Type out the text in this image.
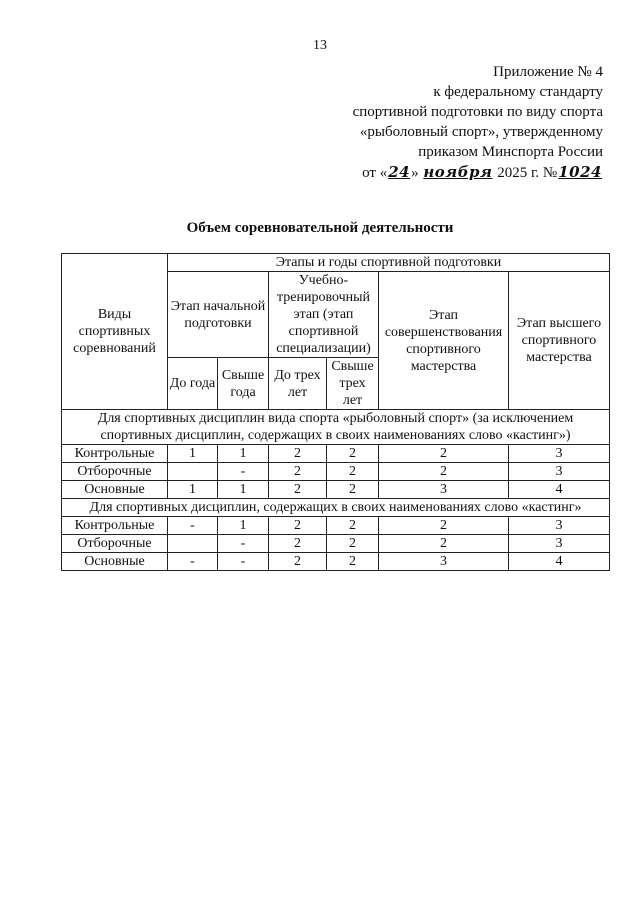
13
Приложение № 4
к федеральному стандарту
спортивной подготовки по виду спорта
«рыболовный спорт», утвержденному
приказом Минспорта России
от «24» ноября 2025 г. №1024
Объем соревновательной деятельности
Виды спортивных соревнований	Этапы и годы спортивной подготовки					
	Этап начальной подготовки		Учебно-тренировочный этап (этап спортивной специализации)		Этап совершенствования спортивного мастерства	Этап высшего спортивного мастерства
	До года	Свыше года	До трех лет	Свыше трех лет		
Для спортивных дисциплин вида спорта «рыболовный спорт» (за исключением спортивных дисциплин, содержащих в своих наименованиях слово «кастинг»)						
Контрольные	1	1	2	2	2	3
Отборочные		-	2	2	2	3
Основные	1	1	2	2	3	4
Для спортивных дисциплин, содержащих в своих наименованиях слово «кастинг»						
Контрольные	-	1	2	2	2	3
Отборочные		-	2	2	2	3
Основные	-	-	2	2	3	4
